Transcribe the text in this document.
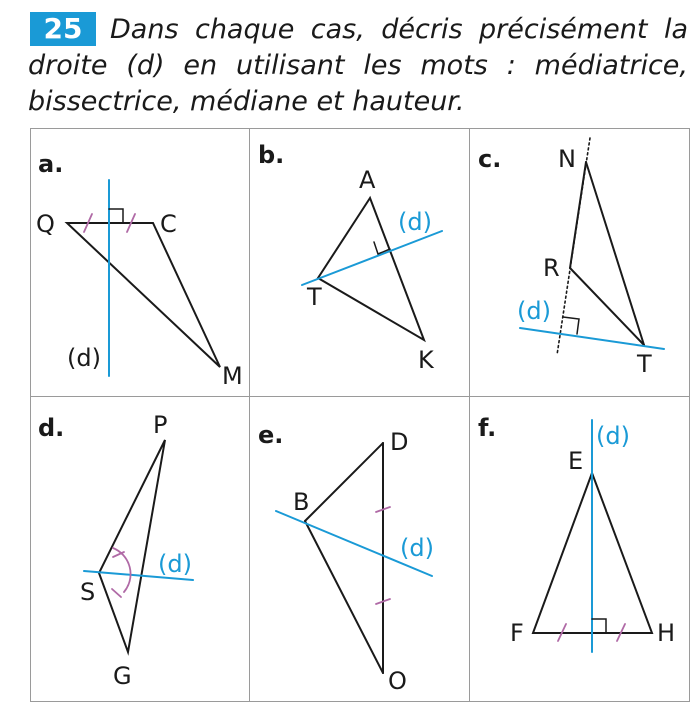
25	Dans chaque cas, décris précisément la droite (d) en utilisant les mots : médiatrice, bissectrice, médiane et hauteur.
a.
Q	C
M
(d)
b.
A
T
K
(d)
c. N
R
T
(d)
d.	P
S
G
(d)
e.	D
B
O
(d)
f.
E
F	H
(d)
